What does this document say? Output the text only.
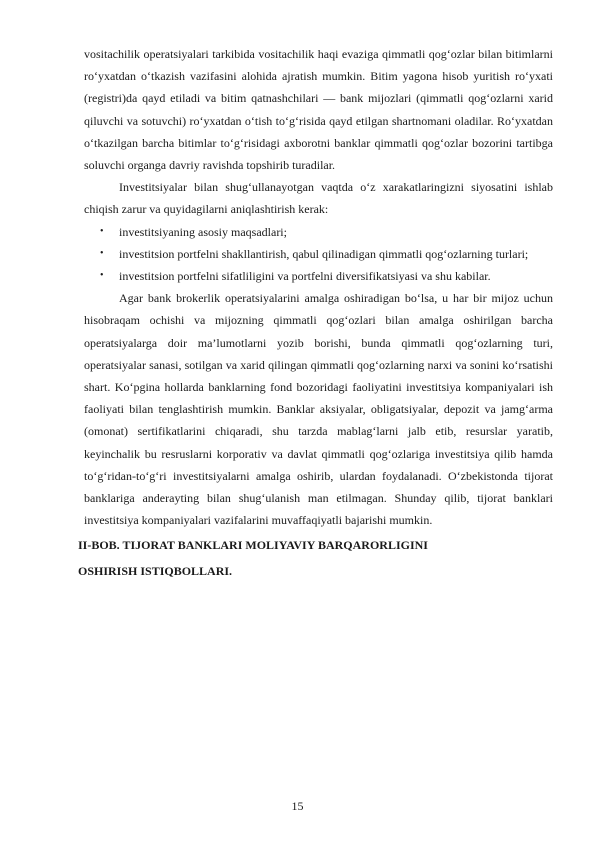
vositachilik operatsiyalari tarkibida vositachilik haqi evaziga qimmatli qog‘ozlar bilan bitimlarni ro‘yxatdan o‘tkazish vazifasini alohida ajratish mumkin. Bitim yagona hisob yuritish ro‘yxati (registri)da qayd etiladi va bitim qatnashchilari — bank mijozlari (qimmatli qog‘ozlarni xarid qiluvchi va sotuvchi) ro‘yxatdan o‘tish to‘g‘risida qayd etilgan shartnomani oladilar. Ro‘yxatdan o‘tkazilgan barcha bitimlar to‘g‘risidagi axborotni banklar qimmatli qog‘ozlar bozorini tartibga soluvchi organga davriy ravishda topshirib turadilar.

Investitsiyalar bilan shug‘ullanayotgan vaqtda o‘z xarakatlaringizni siyosatini ishlab chiqish zarur va quyidagilarni aniqlashtirish kerak:

•	investitsiyaning asosiy maqsadlari;

•	investitsion portfelni shakllantirish, qabul qilinadigan qimmatli qog‘ozlarning turlari;

•	investitsion portfelni sifatliligini va portfelni diversifikatsiyasi va shu kabilar.

Agar bank brokerlik operatsiyalarini amalga oshiradigan bo‘lsa, u har bir mijoz uchun hisobraqam ochishi va mijozning qimmatli qog‘ozlari bilan amalga oshirilgan barcha operatsiyalarga doir ma’lumotlarni yozib borishi, bunda qimmatli qog‘ozlarning turi, operatsiyalar sanasi, sotilgan va xarid qilingan qimmatli qog‘ozlarning narxi va sonini ko‘rsatishi shart. Ko‘pgina hollarda banklarning fond bozoridagi faoliyatini investitsiya kompaniyalari ish faoliyati bilan tenglashtirish mumkin. Banklar aksiyalar, obligatsiyalar, depozit va jamg‘arma (omonat) sertifikatlarini chiqaradi, shu tarzda mablag‘larni jalb etib, resurslar yaratib, keyinchalik bu resruslarni korporativ va davlat qimmatli qog‘ozlariga investitsiya qilib hamda to‘g‘ridan-to‘g‘ri investitsiyalarni amalga oshirib, ulardan foydalanadi. O‘zbekistonda tijorat banklariga anderayting bilan shug‘ulanish man etilmagan. Shunday qilib, tijorat banklari investitsiya kompaniyalari vazifalarini muvaffaqiyatli bajarishi mumkin.

II-BOB. TIJORAT BANKLARI MOLIYAVIY BARQARORLIGINI

OSHIRISH ISTIQBOLLARI.

15
